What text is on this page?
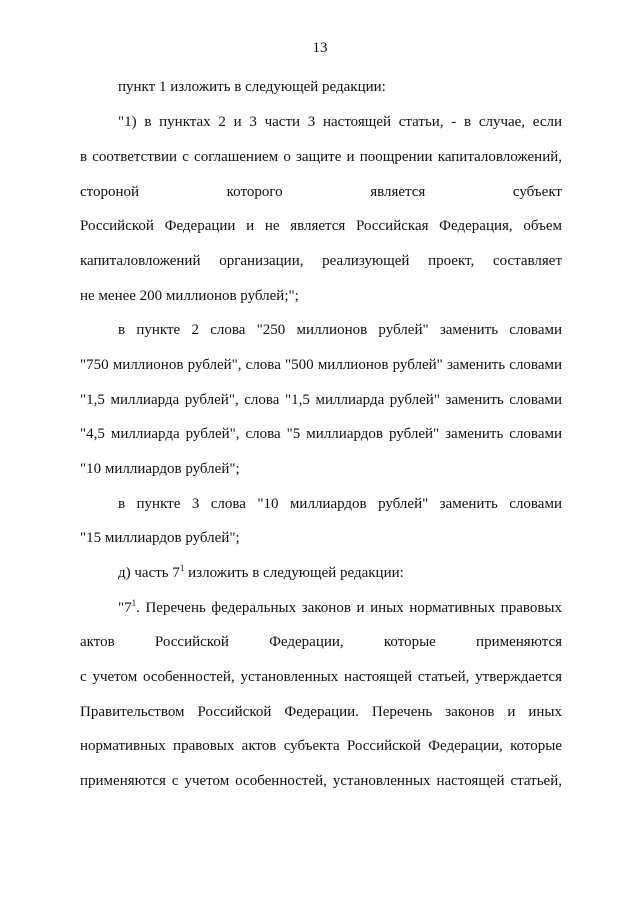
13
пункт 1 изложить в следующей редакции:
"1) в пунктах 2 и 3 части 3 настоящей статьи, - в случае, если
в соответствии с соглашением о защите и поощрении капиталовложений,
стороной которого является субъект
Российской Федерации и не является Российская Федерация, объем
капиталовложений организации, реализующей проект, составляет
не менее 200 миллионов рублей;";
в пункте 2 слова "250 миллионов рублей" заменить словами
"750 миллионов рублей", слова "500 миллионов рублей" заменить словами
"1,5 миллиарда рублей", слова "1,5 миллиарда рублей" заменить словами
"4,5 миллиарда рублей", слова "5 миллиардов рублей" заменить словами
"10 миллиардов рублей";
в пункте 3 слова "10 миллиардов рублей" заменить словами
"15 миллиардов рублей";
д) часть $7^1$ изложить в следующей редакции:
"$7^1$. Перечень федеральных законов и иных нормативных правовых
актов Российской Федерации, которые применяются
с учетом особенностей, установленных настоящей статьей, утверждается
Правительством Российской Федерации. Перечень законов и иных
нормативных правовых актов субъекта Российской Федерации, которые
применяются с учетом особенностей, установленных настоящей статьей,
